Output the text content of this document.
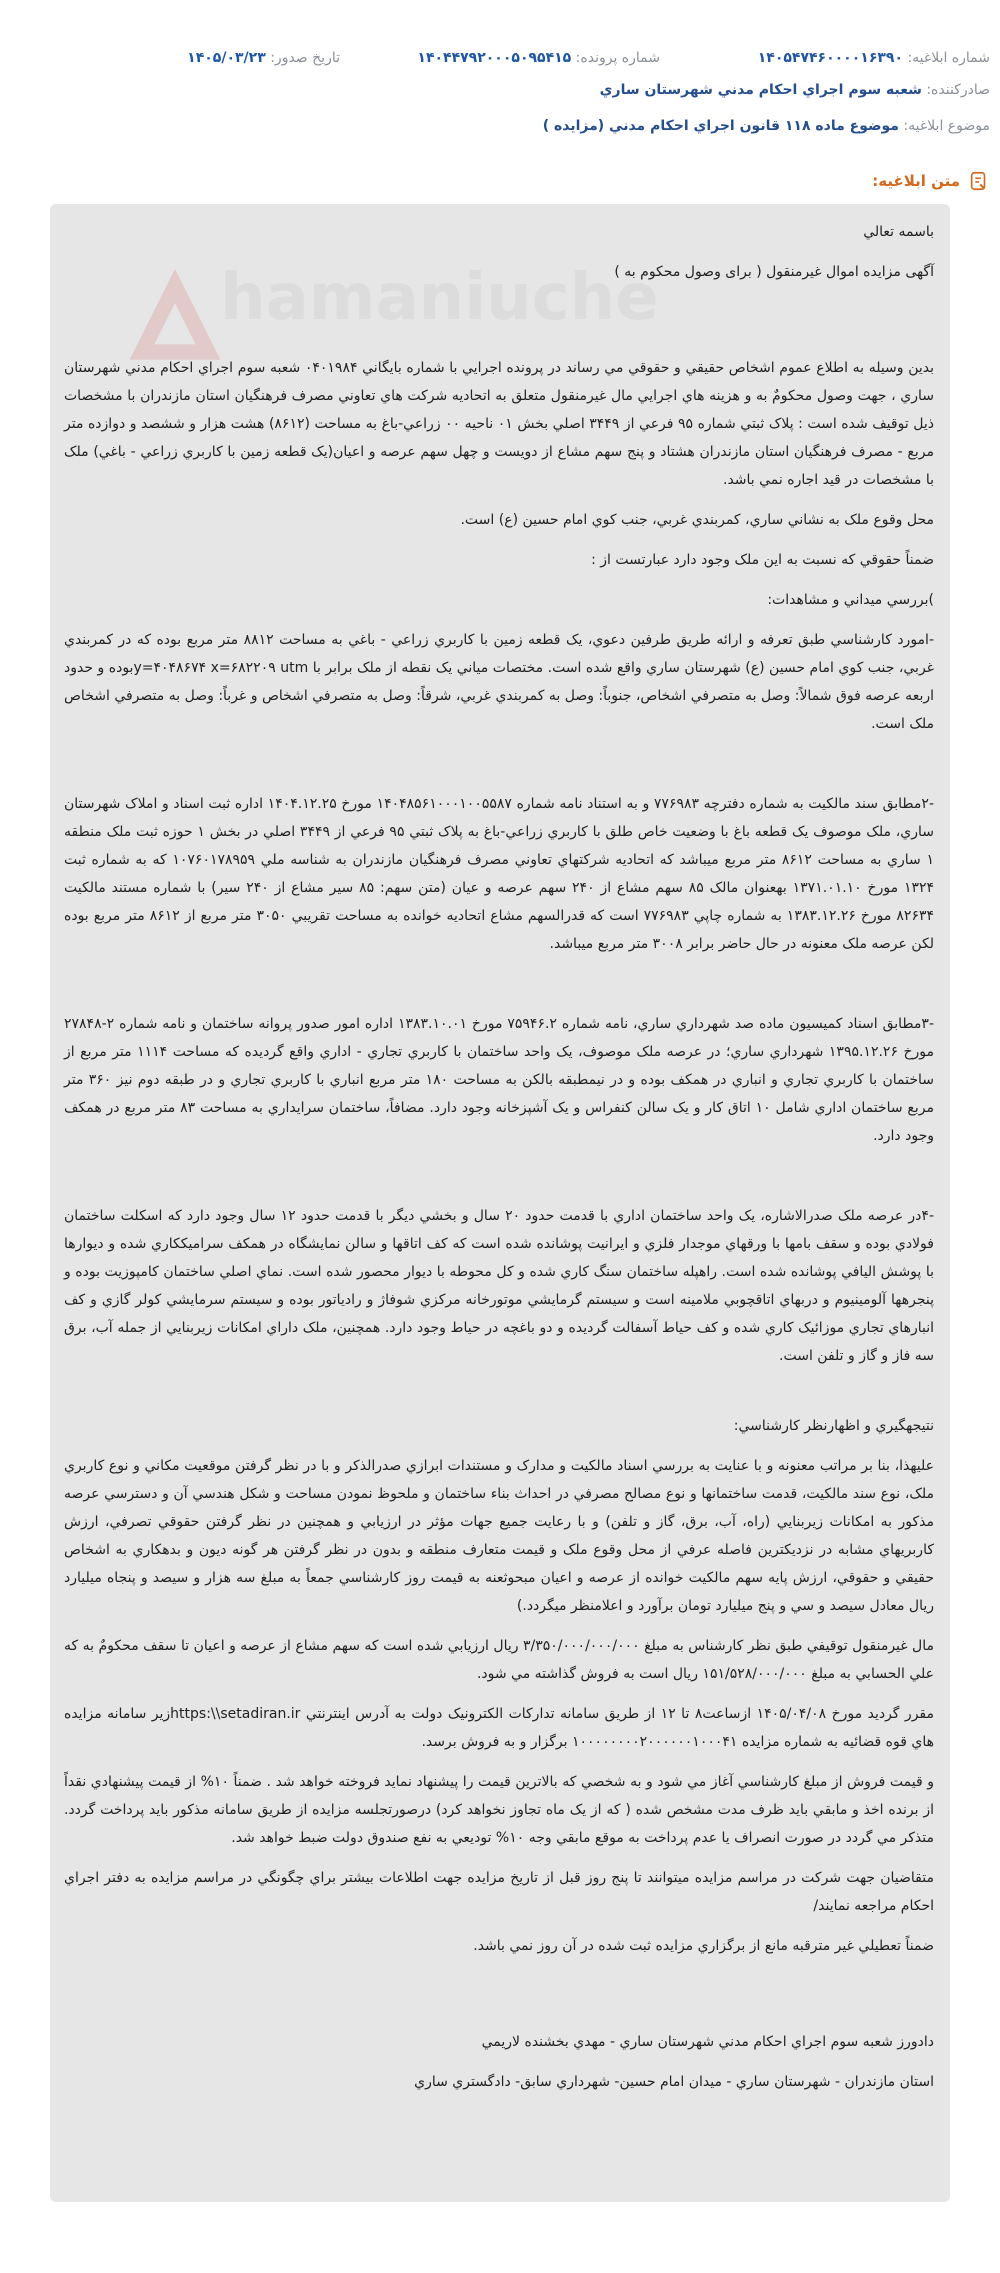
شماره ابلاغيه: ۱۴۰۵۴۷۴۶۰۰۰۰۱۶۳۹۰
شماره پرونده: ۱۴۰۴۴۷۹۲۰۰۰۵۰۹۵۴۱۵
تاريخ صدور: ۱۴۰۵/۰۳/۲۳
صادرکننده: شعبه سوم اجراي احکام مدني شهرستان ساري
موضوع ابلاغيه: موضوع ماده ۱۱۸ قانون اجراي احکام مدني (مزايده )
متن ابلاغيه:
hamaniuche

باسمه تعالي

آگهی مزایده اموال غیرمنقول ( برای وصول محکوم به )

بدين وسيله به اطلاع عموم اشخاص حقيقي و حقوقي مي رساند در پرونده اجرايي با شماره بايگاني ۰۴۰۱۹۸۴ شعبه سوم اجراي احکام مدني شهرستان ساري ، جهت وصول محکومٌ به و هزينه هاي اجرايي مال غيرمنقول متعلق به اتحاديه شرکت هاي تعاوني مصرف فرهنگيان استان مازندران با مشخصات ذيل توقيف شده است : پلاک ثبتي شماره ۹۵ فرعي از ۳۴۴۹ اصلي بخش ۰۱ ناحيه ۰۰ زراعي-باغ به مساحت (۸۶۱۲) هشت هزار و ششصد و دوازده متر مربع - مصرف فرهنگيان استان مازندران هشتاد و پنج سهم مشاع از دويست و چهل سهم عرصه و اعيان(يک قطعه زمين با کاربري زراعي - باغي) ملک با مشخصات در قيد اجاره نمي باشد.

محل وقوع ملک به نشاني ساري، کمربندي غربي، جنب کوي امام حسين (ع) است.

ضمناً حقوقي که نسبت به اين ملک وجود دارد عبارتست از :

)بررسي ميداني و مشاهدات:

-امورد کارشناسي طبق تعرفه و ارائه طريق طرفين دعوي، يک قطعه زمين با کاربري زراعي - باغي به مساحت ۸۸۱۲ متر مربع بوده که در کمربندي غربي، جنب کوي امام حسين (ع) شهرستان ساري واقع شده است. مختصات مياني يک نقطه از ملک برابر با y=۴۰۴۸۶۷۴ x=۶۸۲۲۰۹ utmبوده و حدود اربعه عرصه فوق شمالاً: وصل به متصرفي اشخاص، جنوباً: وصل به کمربندي غربي، شرقاً: وصل به متصرفي اشخاص و غرباً: وصل به متصرفي اشخاص ملک است.

-۲مطابق سند مالکيت به شماره دفترچه ۷۷۶۹۸۳ و به استناد نامه شماره ۱۴۰۴۸۵۶۱۰۰۰۱۰۰۵۵۸۷ مورخ ۱۴۰۴.۱۲.۲۵ اداره ثبت اسناد و املاک شهرستان ساري، ملک موصوف يک قطعه باغ با وضعيت خاص طلق با کاربري زراعي-باغ به پلاک ثبتي ۹۵ فرعي از ۳۴۴۹ اصلي در بخش ۱ حوزه ثبت ملک منطقه ۱ ساري به مساحت ۸۶۱۲ متر مربع ميباشد که اتحاديه شرکتهاي تعاوني مصرف فرهنگيان مازندران به شناسه ملي ۱۰۷۶۰۱۷۸۹۵۹ که به شماره ثبت ۱۳۲۴ مورخ ۱۳۷۱.۰۱.۱۰ بهعنوان مالک ۸۵ سهم مشاع از ۲۴۰ سهم عرصه و عيان (متن سهم: ۸۵ سير مشاع از ۲۴۰ سير) با شماره مستند مالکيت ۸۲۶۳۴ مورخ ۱۳۸۳.۱۲.۲۶ به شماره چاپي ۷۷۶۹۸۳ است که قدرالسهم مشاع اتحاديه خوانده به مساحت تقريبي ۳۰۵۰ متر مربع از ۸۶۱۲ متر مربع بوده لکن عرصه ملک معنونه در حال حاضر برابر ۳۰۰۸ متر مربع ميباشد.

-۳مطابق اسناد کميسيون ماده صد شهرداري ساري، نامه شماره ۷۵۹۴۶.۲ مورخ ۱۳۸۳.۱۰.۰۱ اداره امور صدور پروانه ساختمان و نامه شماره ۲-۲۷۸۴۸ مورخ ۱۳۹۵.۱۲.۲۶ شهرداري ساري؛ در عرصه ملک موصوف، يک واحد ساختمان با کاربري تجاري - اداري واقع گرديده که مساحت ۱۱۱۴ متر مربع از ساختمان با کاربري تجاري و انباري در همکف بوده و در نيمطبقه بالکن به مساحت ۱۸۰ متر مربع انباري با کاربري تجاري و در طبقه دوم نيز ۳۶۰ متر مربع ساختمان اداري شامل ۱۰ اتاق کار و يک سالن کنفراس و يک آشپزخانه وجود دارد. مضافاً، ساختمان سرايداري به مساحت ۸۳ متر مربع در همکف وجود دارد.

-۴در عرصه ملک صدرالاشاره، يک واحد ساختمان اداري با قدمت حدود ۲۰ سال و بخشي ديگر با قدمت حدود ۱۲ سال وجود دارد که اسکلت ساختمان فولادي بوده و سقف بامها با ورقهاي موجدار فلزي و ايرانيت پوشانده شده است که کف اتاقها و سالن نمايشگاه در همکف سراميککاري شده و ديوارها با پوشش اليافي پوشانده شده است. راهپله ساختمان سنگ کاري شده و کل محوطه با ديوار محصور شده است. نماي اصلي ساختمان کامپوزيت بوده و پنجرهها آلومينيوم و دربهاي اتاقچوبي ملامينه است و سيستم گرمايشي موتورخانه مرکزي شوفاژ و رادياتور بوده و سيستم سرمايشي کولر گازي و کف انبارهاي تجاري موزائيک کاري شده و کف حياط آسفالت گرديده و دو باغچه در حياط وجود دارد. همچنين، ملک داراي امکانات زيربنايي از جمله آب، برق سه فاز و گاز و تلفن است.

نتيجهگيري و اظهارنظر کارشناسي:

عليهذا، بنا بر مراتب معنونه و با عنايت به بررسي اسناد مالکيت و مدارک و مستندات ابرازي صدرالذکر و با در نظر گرفتن موقعيت مکاني و نوع کاربري ملک، نوع سند مالکيت، قدمت ساختمانها و نوع مصالح مصرفي در احداث بناء ساختمان و ملحوظ نمودن مساحت و شکل هندسي آن و دسترسي عرصه مذکور به امکانات زيربنايي (راه، آب، برق، گاز و تلفن) و با رعايت جميع جهات مؤثر در ارزيابي و همچنين در نظر گرفتن حقوقي تصرفي، ارزش کاربريهاي مشابه در نزديکترين فاصله عرفي از محل وقوع ملک و قيمت متعارف منطقه و بدون در نظر گرفتن هر گونه ديون و بدهکاري به اشخاص حقيقي و حقوقي، ارزش پايه سهم مالکيت خوانده از عرصه و اعيان مبحوثعنه به قيمت روز کارشناسي جمعاً به مبلغ سه هزار و سيصد و پنجاه ميليارد ريال معادل سيصد و سي و پنج ميليارد تومان برآورد و اعلامنظر ميگردد.)

مال غيرمنقول توقيفي طبق نظر کارشناس به مبلغ ۳/۳۵۰/۰۰۰/۰۰۰/۰۰۰ ريال ارزيابي شده است که سهم مشاع از عرصه و اعيان تا سقف محکومٌ به که علي الحسابي به مبلغ ۱۵۱/۵۲۸/۰۰۰/۰۰۰ ريال است به فروش گذاشته مي شود.

مقرر گرديد مورخ ۱۴۰۵/۰۴/۰۸ ازساعت۸ تا ۱۲ از طريق سامانه تدارکات الکترونيک دولت به آدرس اينترنتي https:\\setadiran.irزير سامانه مزايده هاي قوه قضائيه به شماره مزايده ۱۰۰۰۰۰۰۰۰۲۰۰۰۰۰۰۱۰۰۰۴۱ برگزار و به فروش برسد.

و قيمت فروش از مبلغ کارشناسي آغاز مي شود و به شخصي که بالاترين قيمت را پيشنهاد نمايد فروخته خواهد شد . ضمناً ۱۰% از قيمت پيشنهادي نقداً از برنده اخذ و مابقي بايد ظرف مدت مشخص شده ( که از يک ماه تجاوز نخواهد کرد) درصورتجلسه مزايده از طريق سامانه مذکور بايد پرداخت گردد. متذکر مي گردد در صورت انصراف يا عدم پرداخت به موقع مابقي وجه ۱۰% توديعي به نفع صندوق دولت ضبط خواهد شد.

متقاضيان جهت شرکت در مراسم مزايده ميتوانند تا پنج روز قبل از تاريخ مزايده جهت اطلاعات بيشتر براي چگونگي در مراسم مزايده به دفتر اجراي احکام مراجعه نمايند/

ضمناً تعطيلي غير مترقبه مانع از برگزاري مزايده ثبت شده در آن روز نمي باشد.

دادورز شعبه سوم اجراي احکام مدني شهرستان ساري - مهدي بخشنده لاريمي

استان مازندران - شهرستان ساري - ميدان امام حسين- شهرداري سابق- دادگستري ساري
